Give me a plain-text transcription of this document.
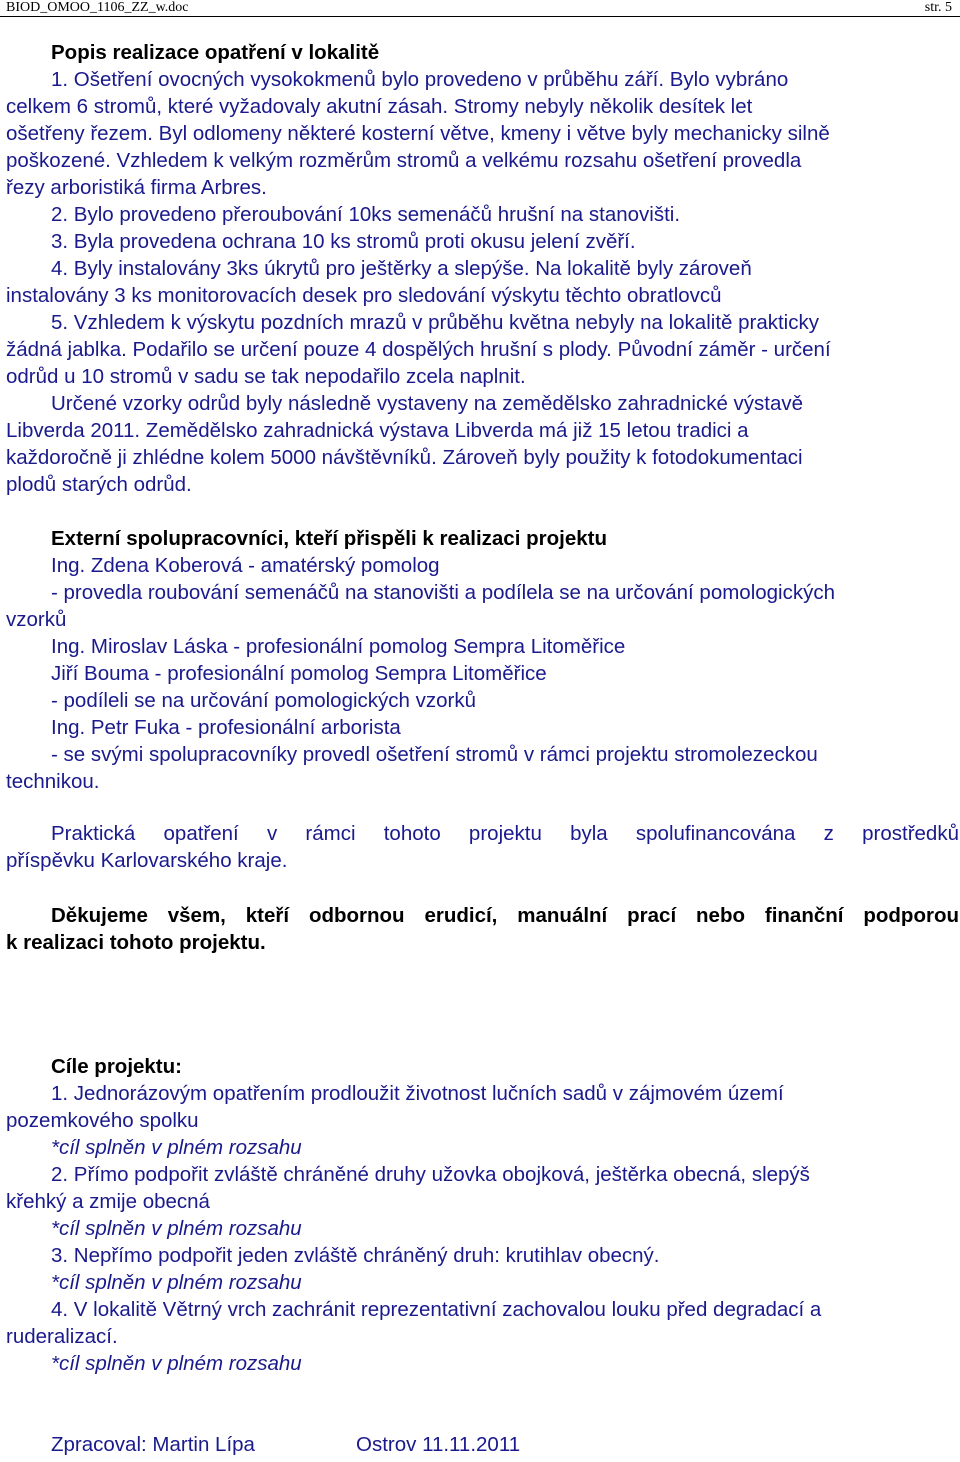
BIOD_OMOO_1106_ZZ_w.doc	str. 5
Popis realizace opatření v lokalitě
1. Ošetření ovocných vysokokmenů bylo provedeno v průběhu září. Bylo vybráno
celkem 6 stromů, které vyžadovaly akutní zásah. Stromy nebyly několik desítek let
ošetřeny řezem. Byl odlomeny některé kosterní větve, kmeny i větve byly mechanicky silně
poškozené. Vzhledem k velkým rozměrům stromů a velkému rozsahu ošetření provedla
řezy arboristiká firma Arbres.
2. Bylo provedeno přeroubování 10ks semenáčů hrušní na stanovišti.
3. Byla provedena ochrana 10 ks stromů proti okusu jelení zvěří.
4. Byly instalovány 3ks úkrytů pro ještěrky a slepýše. Na lokalitě byly zároveň
instalovány 3 ks monitorovacích desek pro sledování výskytu těchto obratlovců
5. Vzhledem k výskytu pozdních mrazů v průběhu května nebyly na lokalitě prakticky
žádná jablka. Podařilo se určení pouze 4 dospělých hrušní s plody. Původní záměr - určení
odrůd u 10 stromů v sadu se tak nepodařilo zcela naplnit.
Určené vzorky odrůd byly následně vystaveny na zemědělsko zahradnické výstavě
Libverda 2011. Zemědělsko zahradnická výstava Libverda má již 15 letou tradici a
každoročně ji zhlédne kolem 5000 návštěvníků. Zároveň byly použity k fotodokumentaci
plodů starých odrůd.
Externí spolupracovníci, kteří přispěli k realizaci projektu
Ing. Zdena Koberová - amatérský pomolog
- provedla roubování semenáčů na stanovišti a podílela se na určování pomologických
vzorků
Ing. Miroslav Láska - profesionální pomolog Sempra Litoměřice
Jiří Bouma - profesionální pomolog Sempra Litoměřice
- podíleli se na určování pomologických vzorků
Ing. Petr Fuka - profesionální arborista
- se svými spolupracovníky provedl ošetření stromů v rámci projektu stromolezeckou
technikou.
Praktická opatření v rámci tohoto projektu byla spolufinancována z prostředků
příspěvku Karlovarského kraje.
Děkujeme všem, kteří odbornou erudicí, manuální prací nebo finanční podporou
k realizaci tohoto projektu.
Cíle projektu:
1. Jednorázovým opatřením prodloužit životnost lučních sadů v zájmovém území
pozemkového spolku
*cíl splněn v plném rozsahu
2. Přímo podpořit zvláště chráněné druhy užovka obojková, ještěrka obecná, slepýš
křehký a zmije obecná
*cíl splněn v plném rozsahu
3. Nepřímo podpořit jeden zvláště chráněný druh: krutihlav obecný.
*cíl splněn v plném rozsahu
4. V lokalitě Větrný vrch zachránit reprezentativní zachovalou louku před degradací a
ruderalizací.
*cíl splněn v plném rozsahu
Zpracoval: Martin Lípa	Ostrov 11.11.2011
